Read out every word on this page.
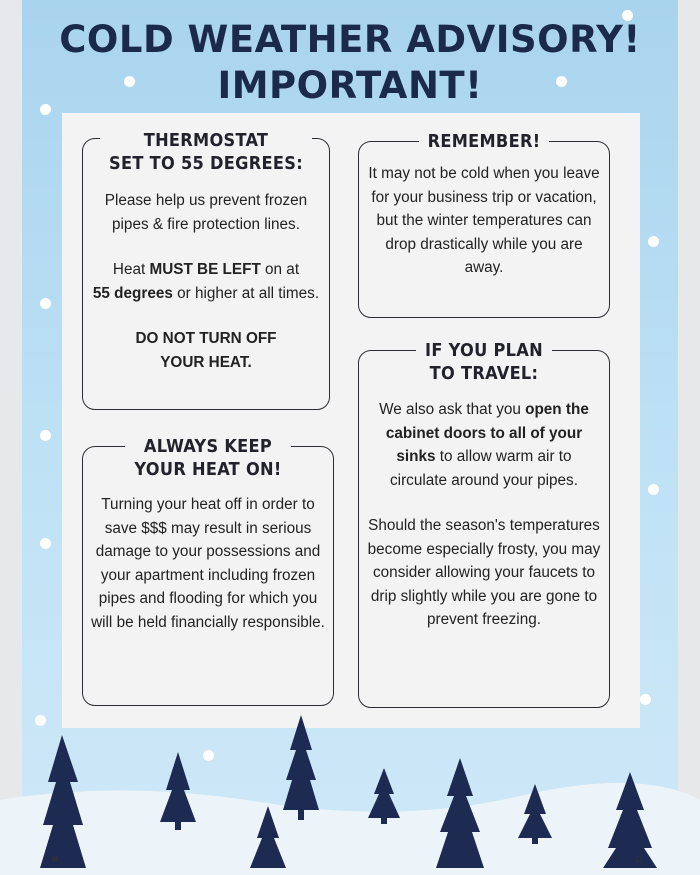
COLD WEATHER ADVISORY!
IMPORTANT!
THERMOSTAT
SET TO 55 DEGREES:

Please help us prevent frozen pipes & fire protection lines.

Heat MUST BE LEFT on at
55 degrees or higher at all times.

DO NOT TURN OFF YOUR HEAT.

REMEMBER!
It may not be cold when you leave for your business trip or vacation, but the winter temperatures can drop drastically while you are away.
ALWAYS KEEP
YOUR HEAT ON!
Turning your heat off in order to save $$$ may result in serious damage to your possessions and your apartment including frozen pipes and flooding for which you will be held financially responsible.
IF YOU PLAN
TO TRAVEL:

We also ask that you open the cabinet doors to all of your sinks to allow warm air to circulate around your pipes.

Should the season's temperatures become especially frosty, you may consider allowing your faucets to drip slightly while you are gone to prevent freezing.

⌂
▪
